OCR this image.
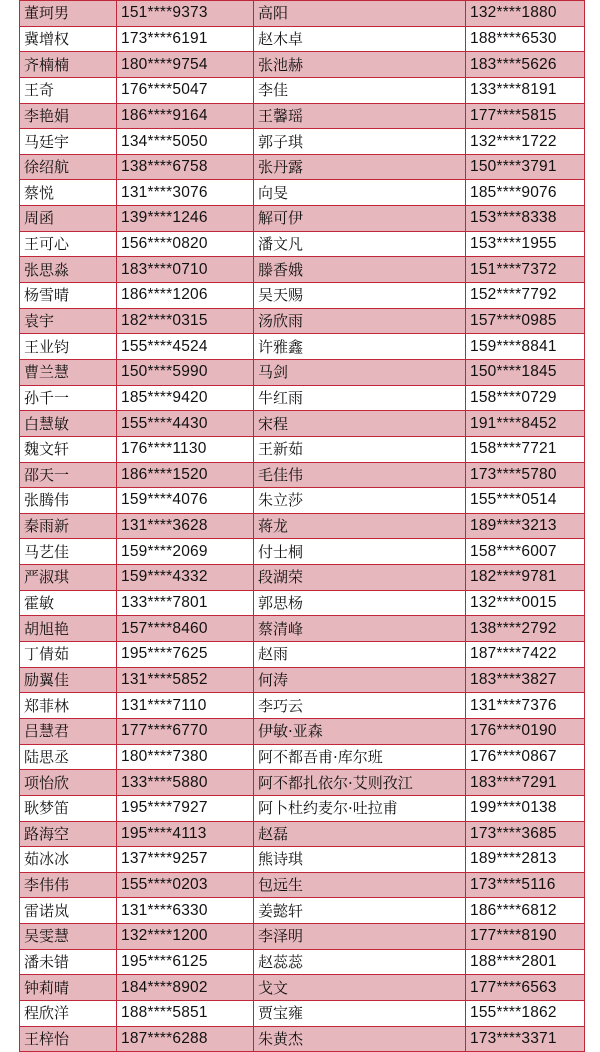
董珂男	151****9373	高阳	132****1880
冀增权	173****6191	赵木卓	188****6530
齐楠楠	180****9754	张池赫	183****5626
王奇	176****5047	李佳	133****8191
李艳娟	186****9164	王馨瑶	177****5815
马廷宇	134****5050	郭子琪	132****1722
徐绍航	138****6758	张丹露	150****3791
蔡悦	131****3076	向旻	185****9076
周函	139****1246	解可伊	153****8338
王可心	156****0820	潘文凡	153****1955
张思淼	183****0710	滕香娥	151****7372
杨雪晴	186****1206	吴天赐	152****7792
袁宇	182****0315	汤欣雨	157****0985
王业钧	155****4524	许雅鑫	159****8841
曹兰慧	150****5990	马剑	150****1845
孙千一	185****9420	牛红雨	158****0729
白慧敏	155****4430	宋程	191****8452
魏文轩	176****1130	王新茹	158****7721
邵天一	186****1520	毛佳伟	173****5780
张腾伟	159****4076	朱立莎	155****0514
秦雨新	131****3628	蒋龙	189****3213
马艺佳	159****2069	付士桐	158****6007
严淑琪	159****4332	段湖荣	182****9781
霍敏	133****7801	郭思杨	132****0015
胡旭艳	157****8460	蔡清峰	138****2792
丁倩茹	195****7625	赵雨	187****7422
励翼佳	131****5852	何涛	183****3827
郑菲林	131****7110	李巧云	131****7376
吕慧君	177****6770	伊敏·亚森	176****0190
陆思丞	180****7380	阿不都吾甫·库尔班	176****0867
项怡欣	133****5880	阿不都扎依尔·艾则孜江	183****7291
耿梦笛	195****7927	阿卜杜约麦尔·吐拉甫	199****0138
路海空	195****4113	赵磊	173****3685
茹冰冰	137****9257	熊诗琪	189****2813
李伟伟	155****0203	包远生	173****5116
雷诺岚	131****6330	姜懿轩	186****6812
吴雯慧	132****1200	李泽明	177****8190
潘未错	195****6125	赵蕊蕊	188****2801
钟莉晴	184****8902	戈文	177****6563
程欣洋	188****5851	贾宝雍	155****1862
王梓怡	187****6288	朱黄杰	173****3371
